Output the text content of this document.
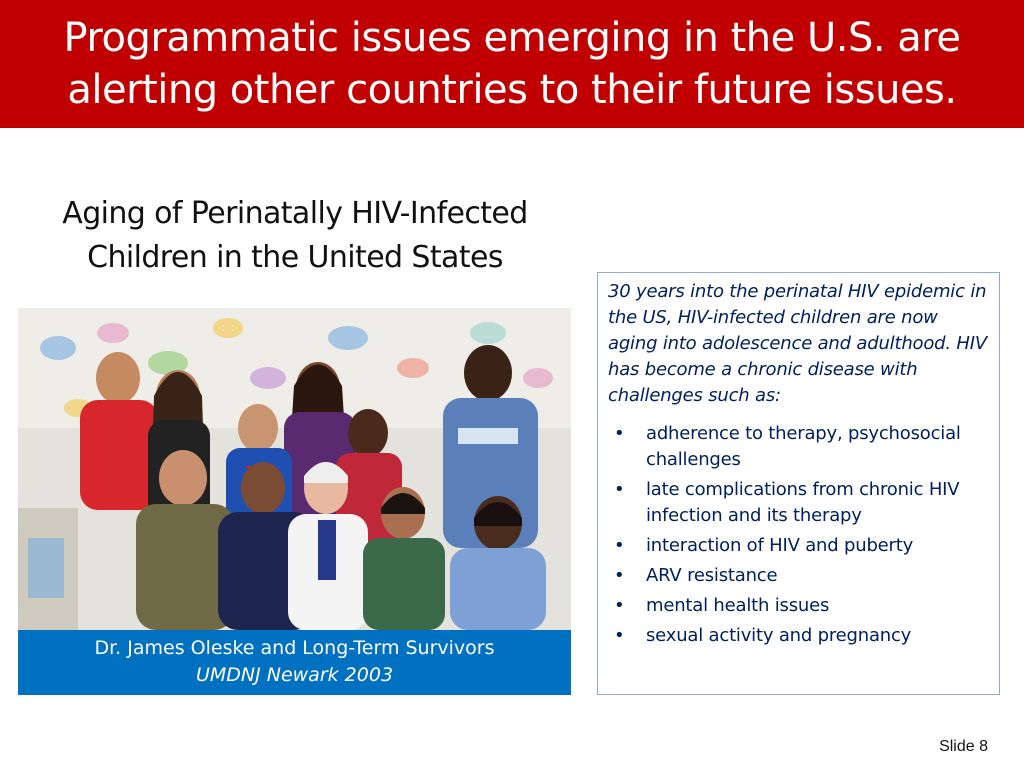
Programmatic issues emerging in the U.S. are
alerting other countries to their future issues.
Aging of Perinatally HIV-Infected
Children in the United States
Dr. James Oleske and Long-Term Survivors
UMDNJ Newark 2003

30 years into the perinatal HIV epidemic in the US, HIV-infected children are now aging into adolescence and adulthood. HIV has become a chronic disease with challenges such as:

• adherence to therapy, psychosocial challenges
• late complications from chronic HIV infection and its therapy
• interaction of HIV and puberty
• ARV resistance
• mental health issues
• sexual activity and pregnancy
Slide 8
